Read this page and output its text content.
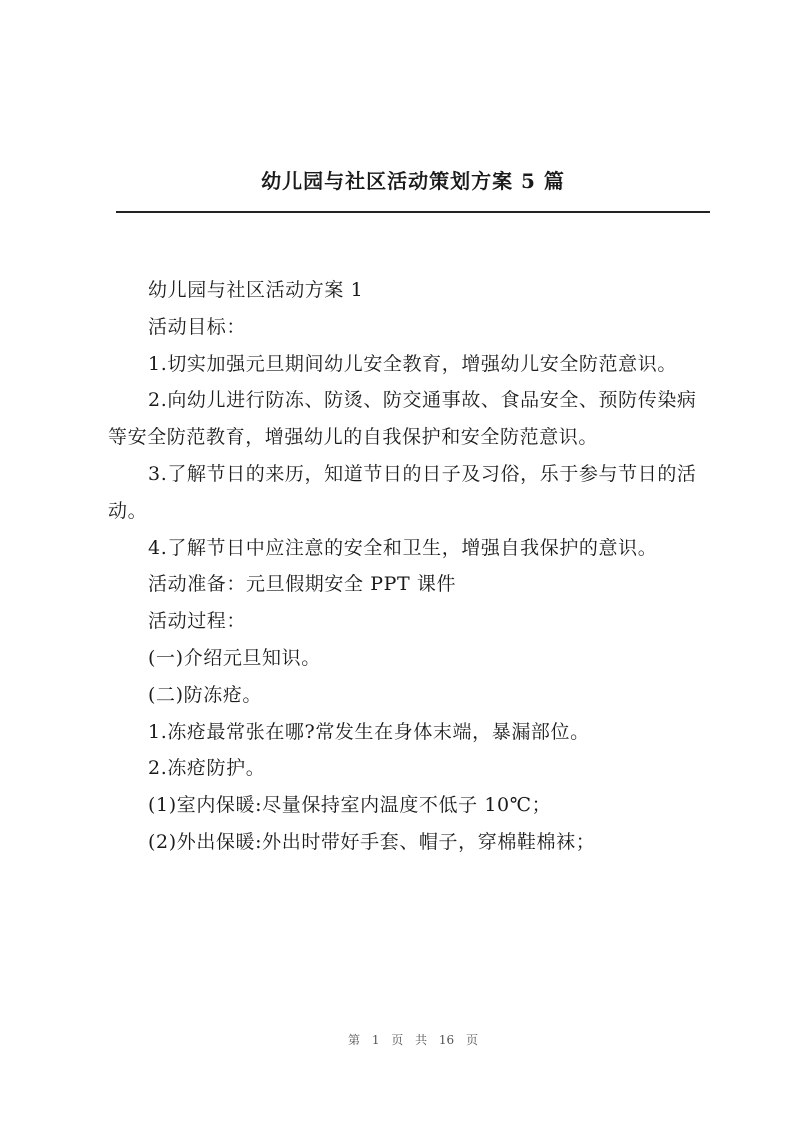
幼儿园与社区活动策划方案 5 篇

幼儿园与社区活动方案 1

活动目标：

1.切实加强元旦期间幼儿安全教育，增强幼儿安全防范意识。

2.向幼儿进行防冻、防烫、防交通事故、食品安全、预防传染病等安全防范教育，增强幼儿的自我保护和安全防范意识。

3.了解节日的来历，知道节日的日子及习俗，乐于参与节日的活动。

4.了解节日中应注意的安全和卫生，增强自我保护的意识。

活动准备：元旦假期安全 PPT 课件

活动过程：

(一)介绍元旦知识。

(二)防冻疮。

1.冻疮最常张在哪?常发生在身体末端，暴漏部位。

2.冻疮防护。

(1)室内保暖:尽量保持室内温度不低子 10℃；

(2)外出保暖:外出时带好手套、帽子，穿棉鞋棉袜；

第 1 页 共 16 页
